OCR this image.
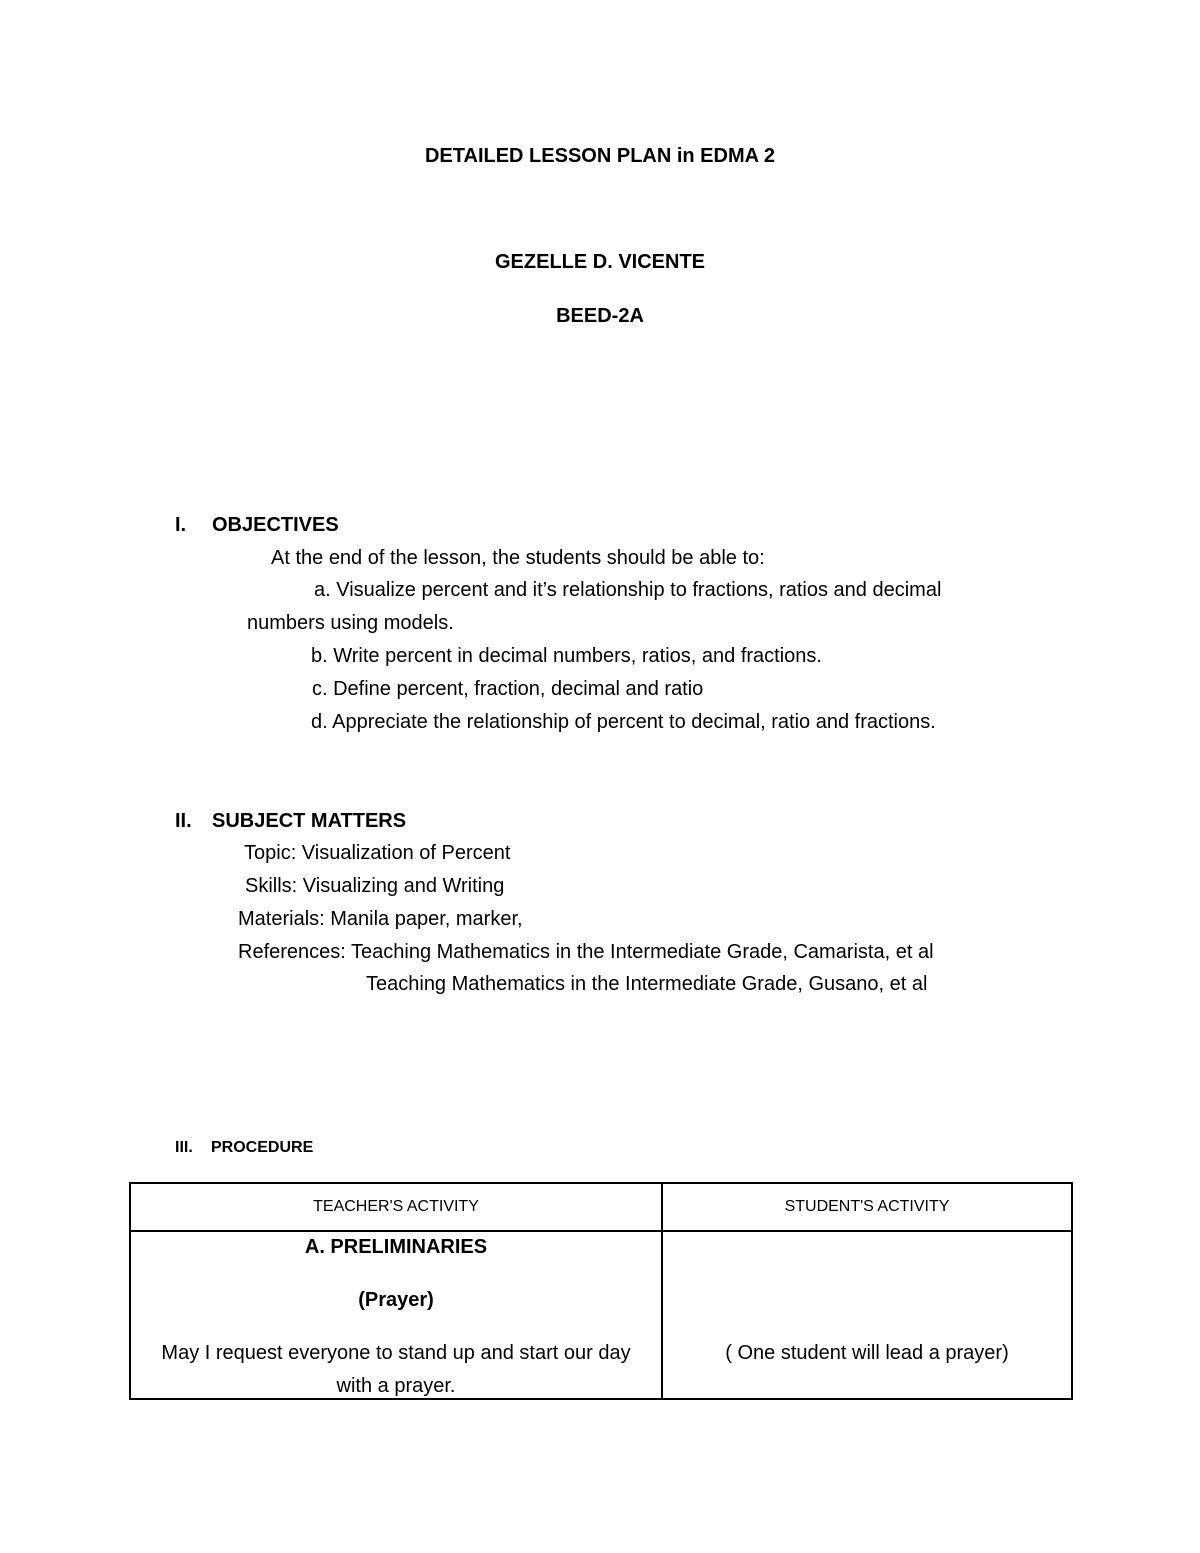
DETAILED LESSON PLAN in EDMA 2
GEZELLE D. VICENTE
BEED-2A
I. OBJECTIVES
At the end of the lesson, the students should be able to:
a. Visualize percent and it’s relationship to fractions, ratios and decimal
numbers using models.
b. Write percent in decimal numbers, ratios, and fractions.
c. Define percent, fraction, decimal and ratio
d. Appreciate the relationship of percent to decimal, ratio and fractions.
II. SUBJECT MATTERS
Topic: Visualization of Percent
Skills: Visualizing and Writing
Materials: Manila paper, marker,
References: Teaching Mathematics in the Intermediate Grade, Camarista, et al
Teaching Mathematics in the Intermediate Grade, Gusano, et al
III. PROCEDURE
TEACHER'S ACTIVITY	STUDENT'S ACTIVITY

A. PRELIMINARIES
(Prayer)
May I request everyone to stand up and start our day
with a prayer.	( One student will lead a prayer)
